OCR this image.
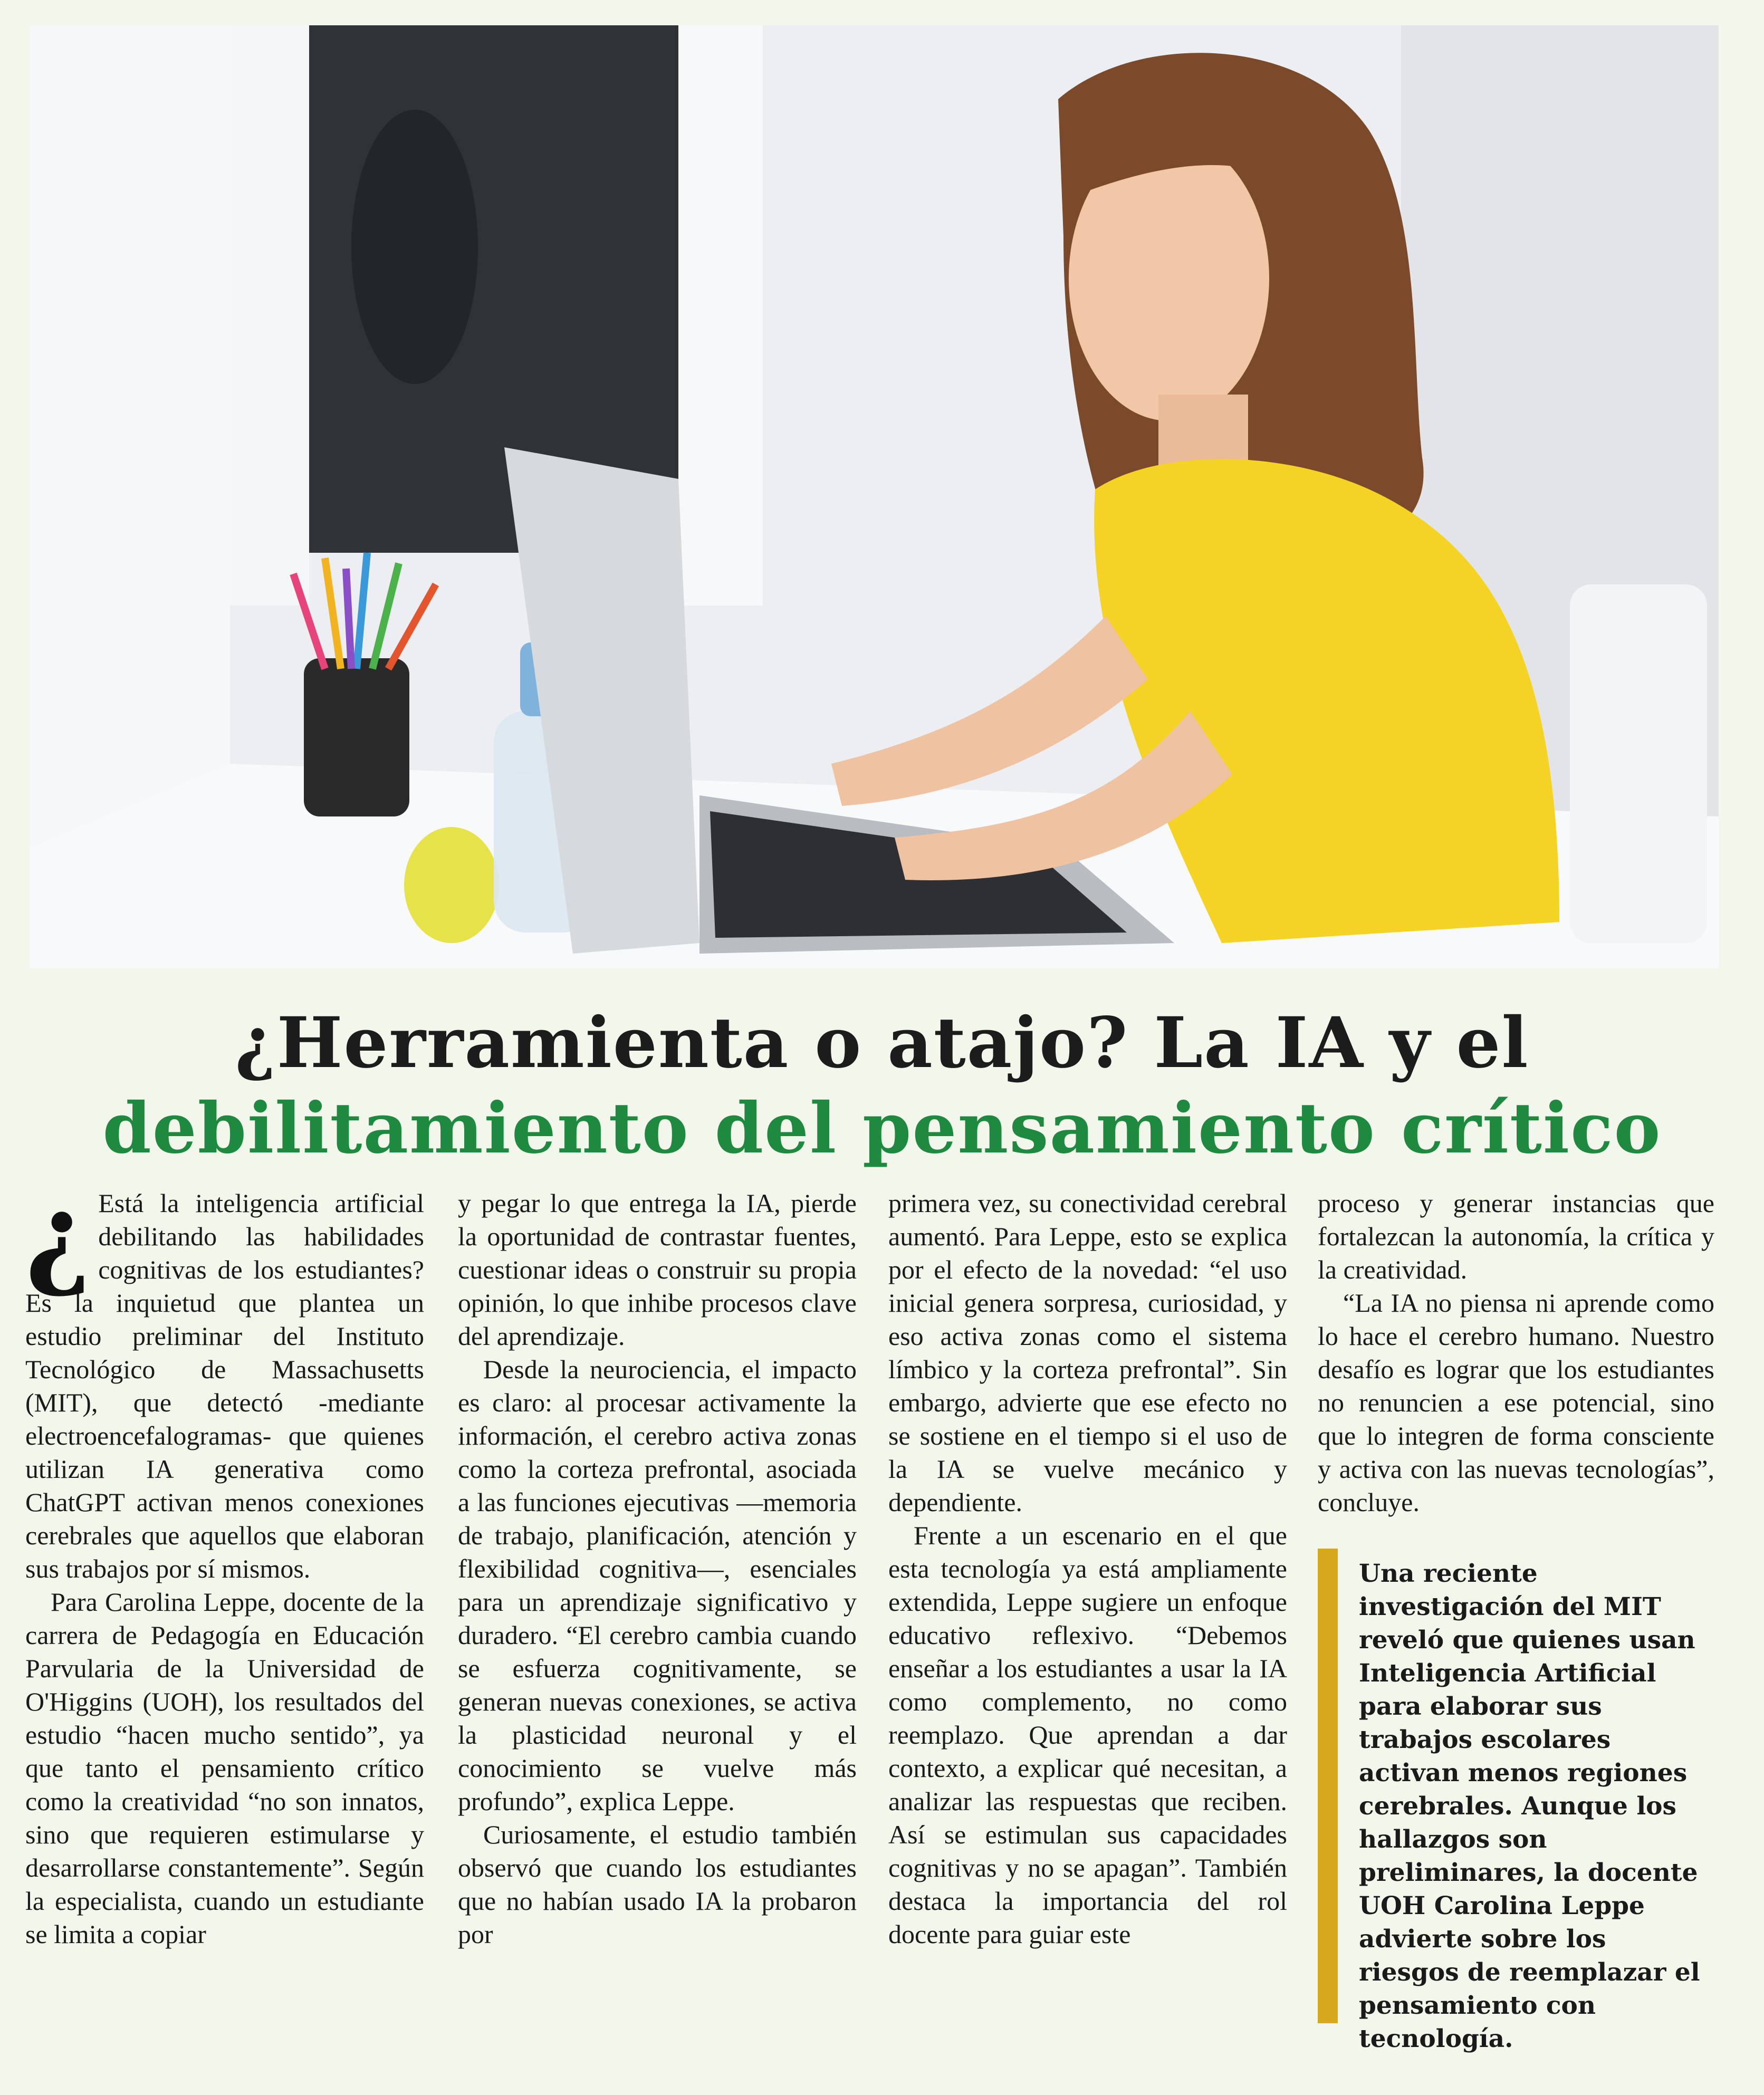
¿Herramienta o atajo? La IA y el
debilitamiento del pensamiento crítico
¿ Está la inteligencia artificial debilitando las habilidades cognitivas de los estudiantes? Es la inquietud que plantea un estudio preliminar del Instituto Tecnológico de Massachusetts (MIT), que detectó -mediante electroencefalogramas- que quienes utilizan IA generativa como ChatGPT activan menos conexiones cerebrales que aquellos que elaboran sus trabajos por sí mismos.

Para Carolina Leppe, docente de la carrera de Pedagogía en Educación Parvularia de la Universidad de O'Higgins (UOH), los resultados del estudio “hacen mucho sentido”, ya que tanto el pensamiento crítico como la creatividad “no son innatos, sino que requieren estimularse y desarrollarse constantemente”. Según la especialista, cuando un estudiante se limita a copiar

y pegar lo que entrega la IA, pierde la oportunidad de contrastar fuentes, cuestionar ideas o construir su propia opinión, lo que inhibe procesos clave del aprendizaje.

Desde la neurociencia, el impacto es claro: al procesar activamente la información, el cerebro activa zonas como la corteza prefrontal, asociada a las funciones ejecutivas —memoria de trabajo, planificación, atención y flexibilidad cognitiva—, esenciales para un aprendizaje significativo y duradero. “El cerebro cambia cuando se esfuerza cognitivamente, se generan nuevas conexiones, se activa la plasticidad neuronal y el conocimiento se vuelve más profundo”, explica Leppe.

Curiosamente, el estudio también observó que cuando los estudiantes que no habían usado IA la probaron por

primera vez, su conectividad cerebral aumentó. Para Leppe, esto se explica por el efecto de la novedad: “el uso inicial genera sorpresa, curiosidad, y eso activa zonas como el sistema límbico y la corteza prefrontal”. Sin embargo, advierte que ese efecto no se sostiene en el tiempo si el uso de la IA se vuelve mecánico y dependiente.

Frente a un escenario en el que esta tecnología ya está ampliamente extendida, Leppe sugiere un enfoque educativo reflexivo. “Debemos enseñar a los estudiantes a usar la IA como complemento, no como reemplazo. Que aprendan a dar contexto, a explicar qué necesitan, a analizar las respuestas que reciben. Así se estimulan sus capacidades cognitivas y no se apagan”. También destaca la importancia del rol docente para guiar este

proceso y generar instancias que fortalezcan la autonomía, la crítica y la creatividad.

“La IA no piensa ni aprende como lo hace el cerebro humano. Nuestro desafío es lograr que los estudiantes no renuncien a ese potencial, sino que lo integren de forma consciente y activa con las nuevas tecnologías”, concluye.

Una reciente investigación del MIT reveló que quienes usan Inteligencia Artificial para elaborar sus trabajos escolares activan menos regiones cerebrales. Aunque los hallazgos son preliminares, la docente UOH Carolina Leppe advierte sobre los riesgos de reemplazar el pensamiento con tecnología.
